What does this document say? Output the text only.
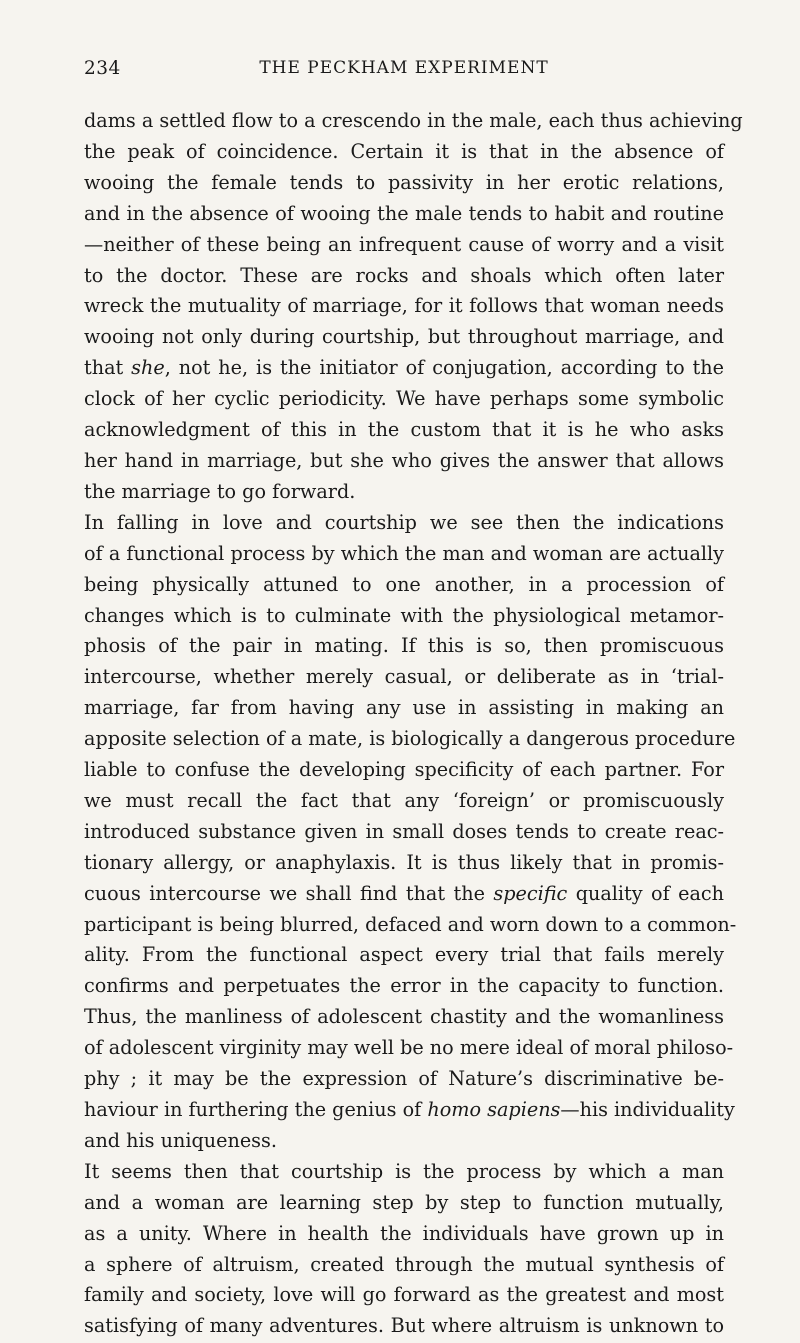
234	THE PECKHAM EXPERIMENT

dams a settled flow to a crescendo in the male, each thus achieving
the peak of coincidence. Certain it is that in the absence of
wooing the female tends to passivity in her erotic relations,
and in the absence of wooing the male tends to habit and routine
—neither of these being an infrequent cause of worry and a visit
to the doctor. These are rocks and shoals which often later
wreck the mutuality of marriage, for it follows that woman needs
wooing not only during courtship, but throughout marriage, and
that she, not he, is the initiator of conjugation, according to the
clock of her cyclic periodicity. We have perhaps some symbolic
acknowledgment of this in the custom that it is he who asks
her hand in marriage, but she who gives the answer that allows
the marriage to go forward.

In falling in love and courtship we see then the indications
of a functional process by which the man and woman are actually
being physically attuned to one another, in a procession of
changes which is to culminate with the physiological metamor-
phosis of the pair in mating. If this is so, then promiscuous
intercourse, whether merely casual, or deliberate as in ‘trial-
marriage, far from having any use in assisting in making an
apposite selection of a mate, is biologically a dangerous procedure
liable to confuse the developing specificity of each partner. For
we must recall the fact that any ‘foreign’ or promiscuously
introduced substance given in small doses tends to create reac-
tionary allergy, or anaphylaxis. It is thus likely that in promis-
cuous intercourse we shall find that the specific quality of each
participant is being blurred, defaced and worn down to a common-
ality. From the functional aspect every trial that fails merely
confirms and perpetuates the error in the capacity to function.
Thus, the manliness of adolescent chastity and the womanliness
of adolescent virginity may well be no mere ideal of moral philoso-
phy ; it may be the expression of Nature’s discriminative be-
haviour in furthering the genius of homo sapiens—his individuality
and his uniqueness.

It seems then that courtship is the process by which a man
and a woman are learning step by step to function mutually,
as a unity. Where in health the individuals have grown up in
a sphere of altruism, created through the mutual synthesis of
family and society, love will go forward as the greatest and most
satisfying of many adventures. But where altruism is unknown to
